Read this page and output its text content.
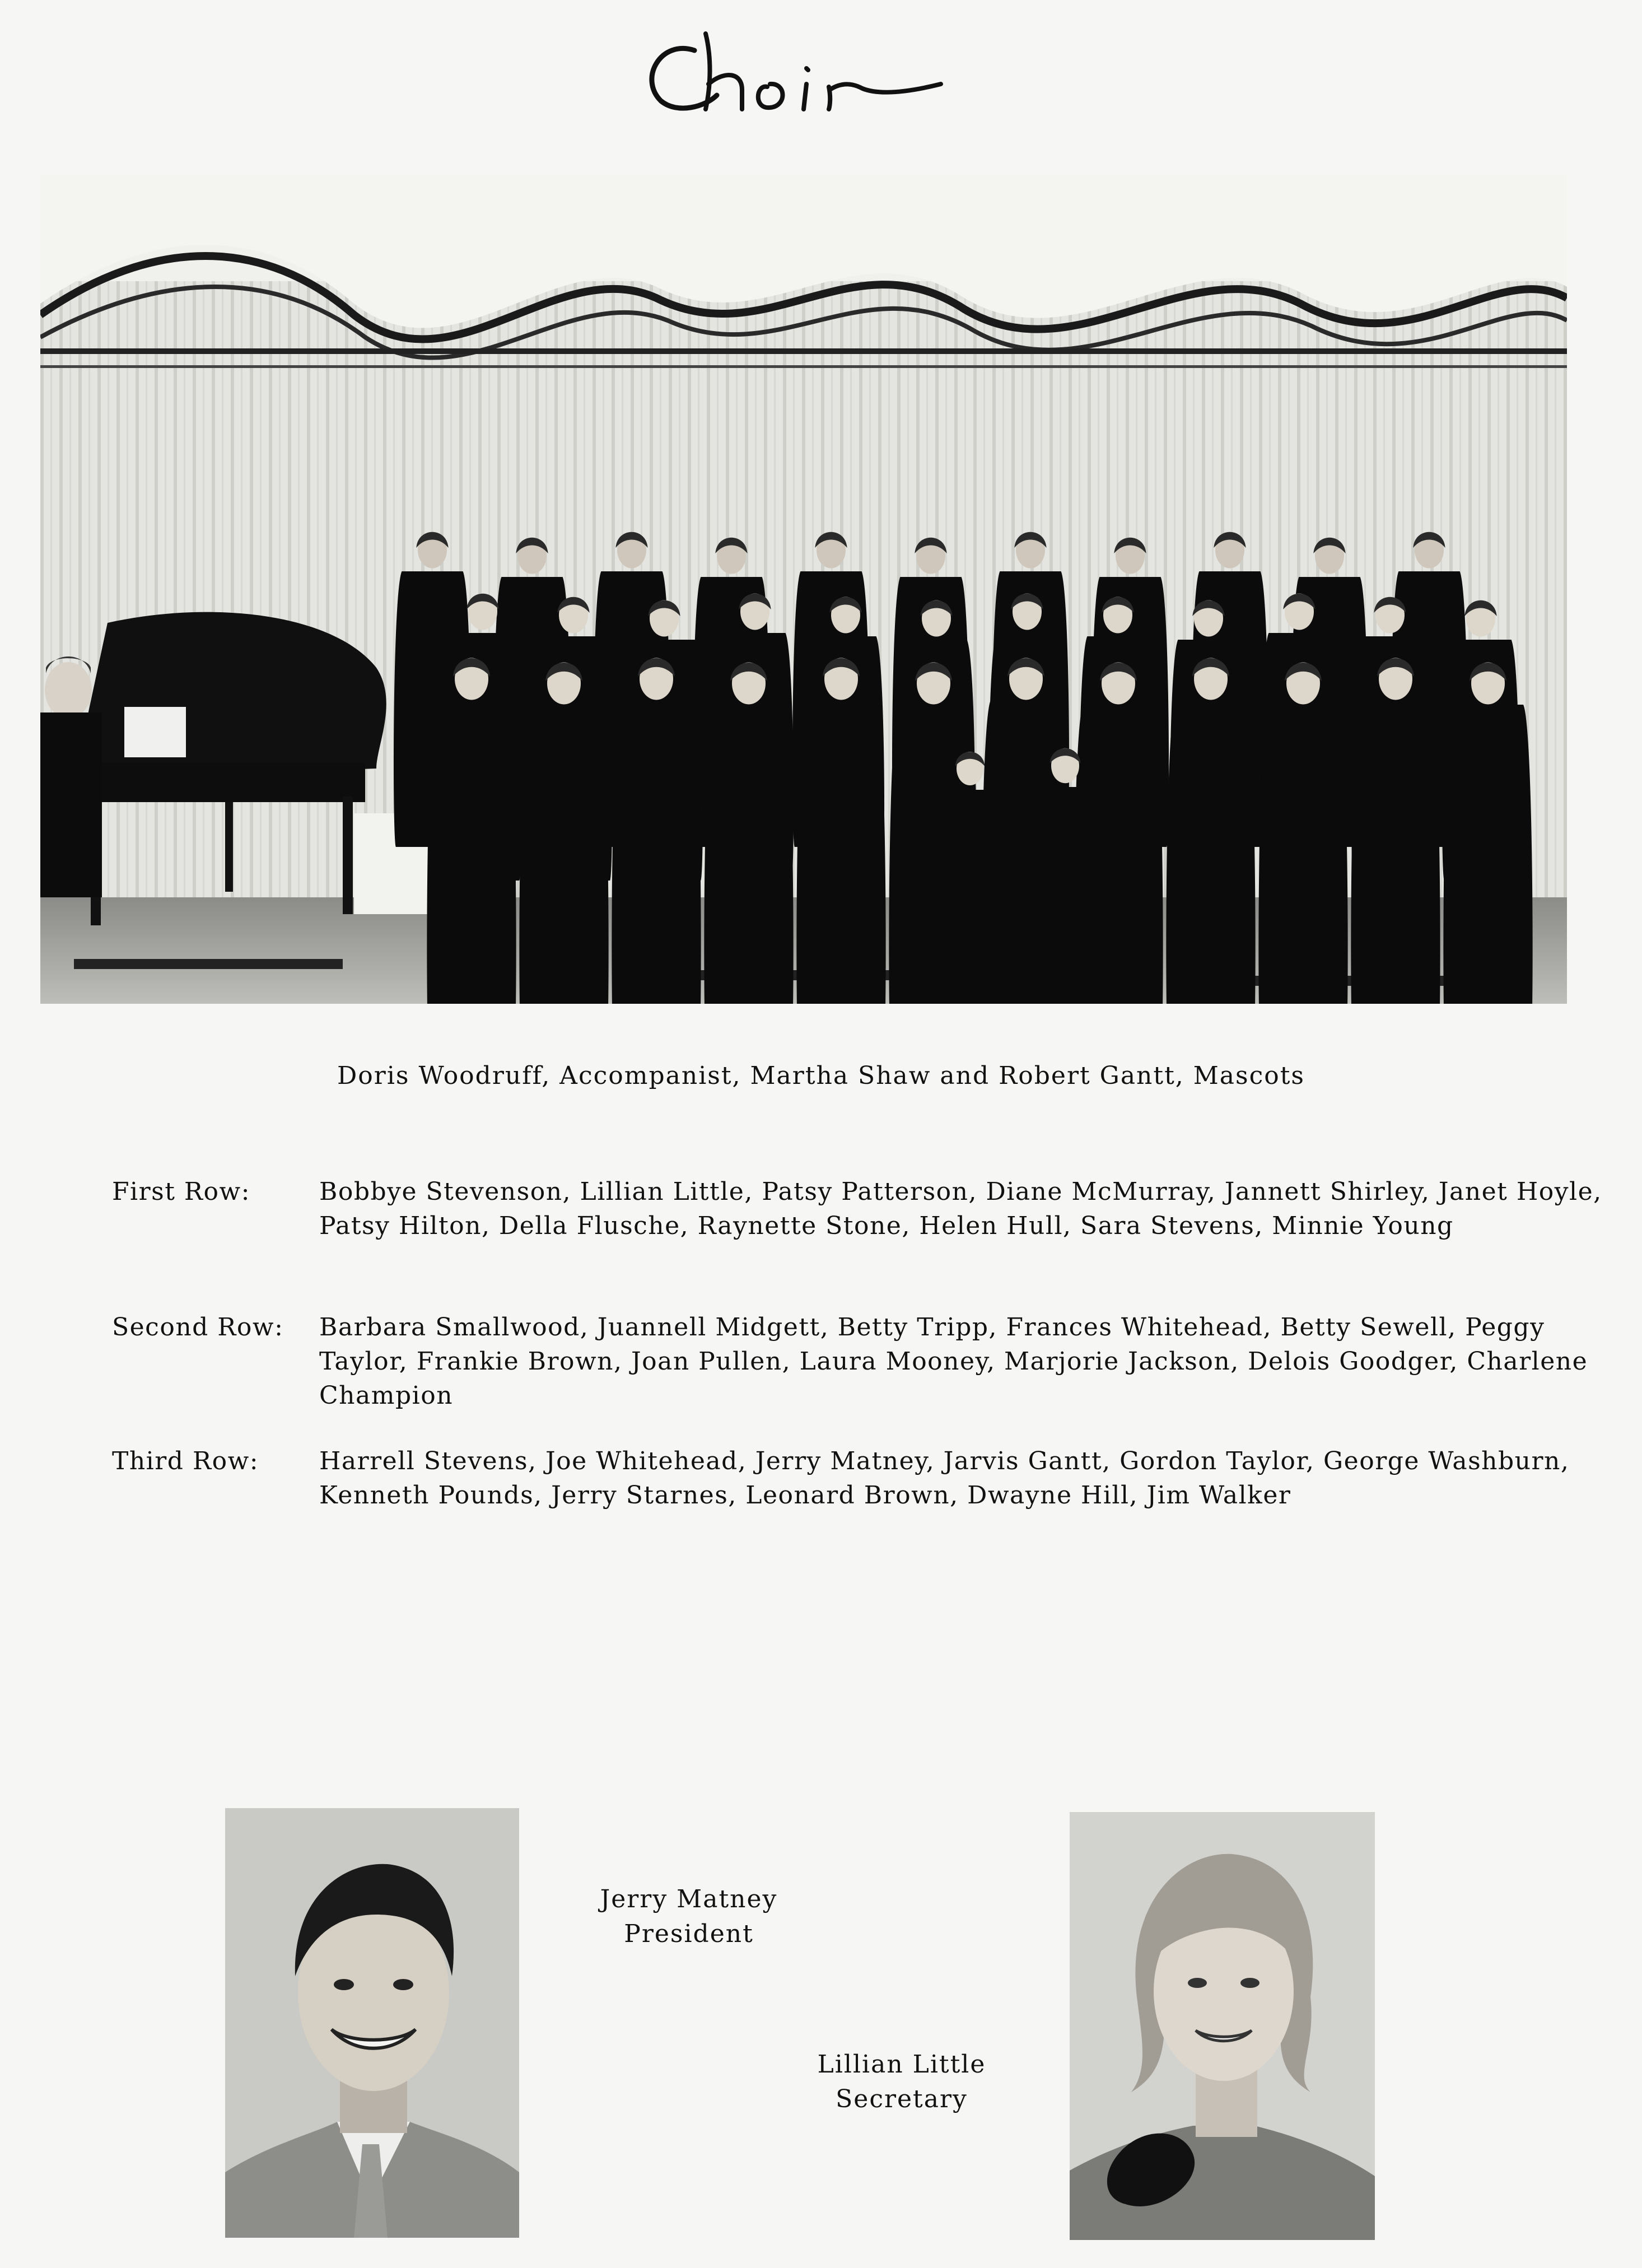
Doris Woodruff, Accompanist, Martha Shaw and Robert Gantt, Mascots
First Row:	Bobbye Stevenson, Lillian Little, Patsy Patterson, Diane McMurray, Jannett Shirley, Janet Hoyle, Patsy Hilton, Della Flusche, Raynette Stone, Helen Hull, Sara Stevens, Minnie Young
Second Row:	Barbara Smallwood, Juannell Midgett, Betty Tripp, Frances Whitehead, Betty Sewell, Peggy Taylor, Frankie Brown, Joan Pullen, Laura Mooney, Marjorie Jackson, Delois Goodger, Charlene Champion
Third Row:	Harrell Stevens, Joe Whitehead, Jerry Matney, Jarvis Gantt, Gordon Taylor, George Washburn, Kenneth Pounds, Jerry Starnes, Leonard Brown, Dwayne Hill, Jim Walker
Jerry Matney
President
Lillian Little
Secretary
